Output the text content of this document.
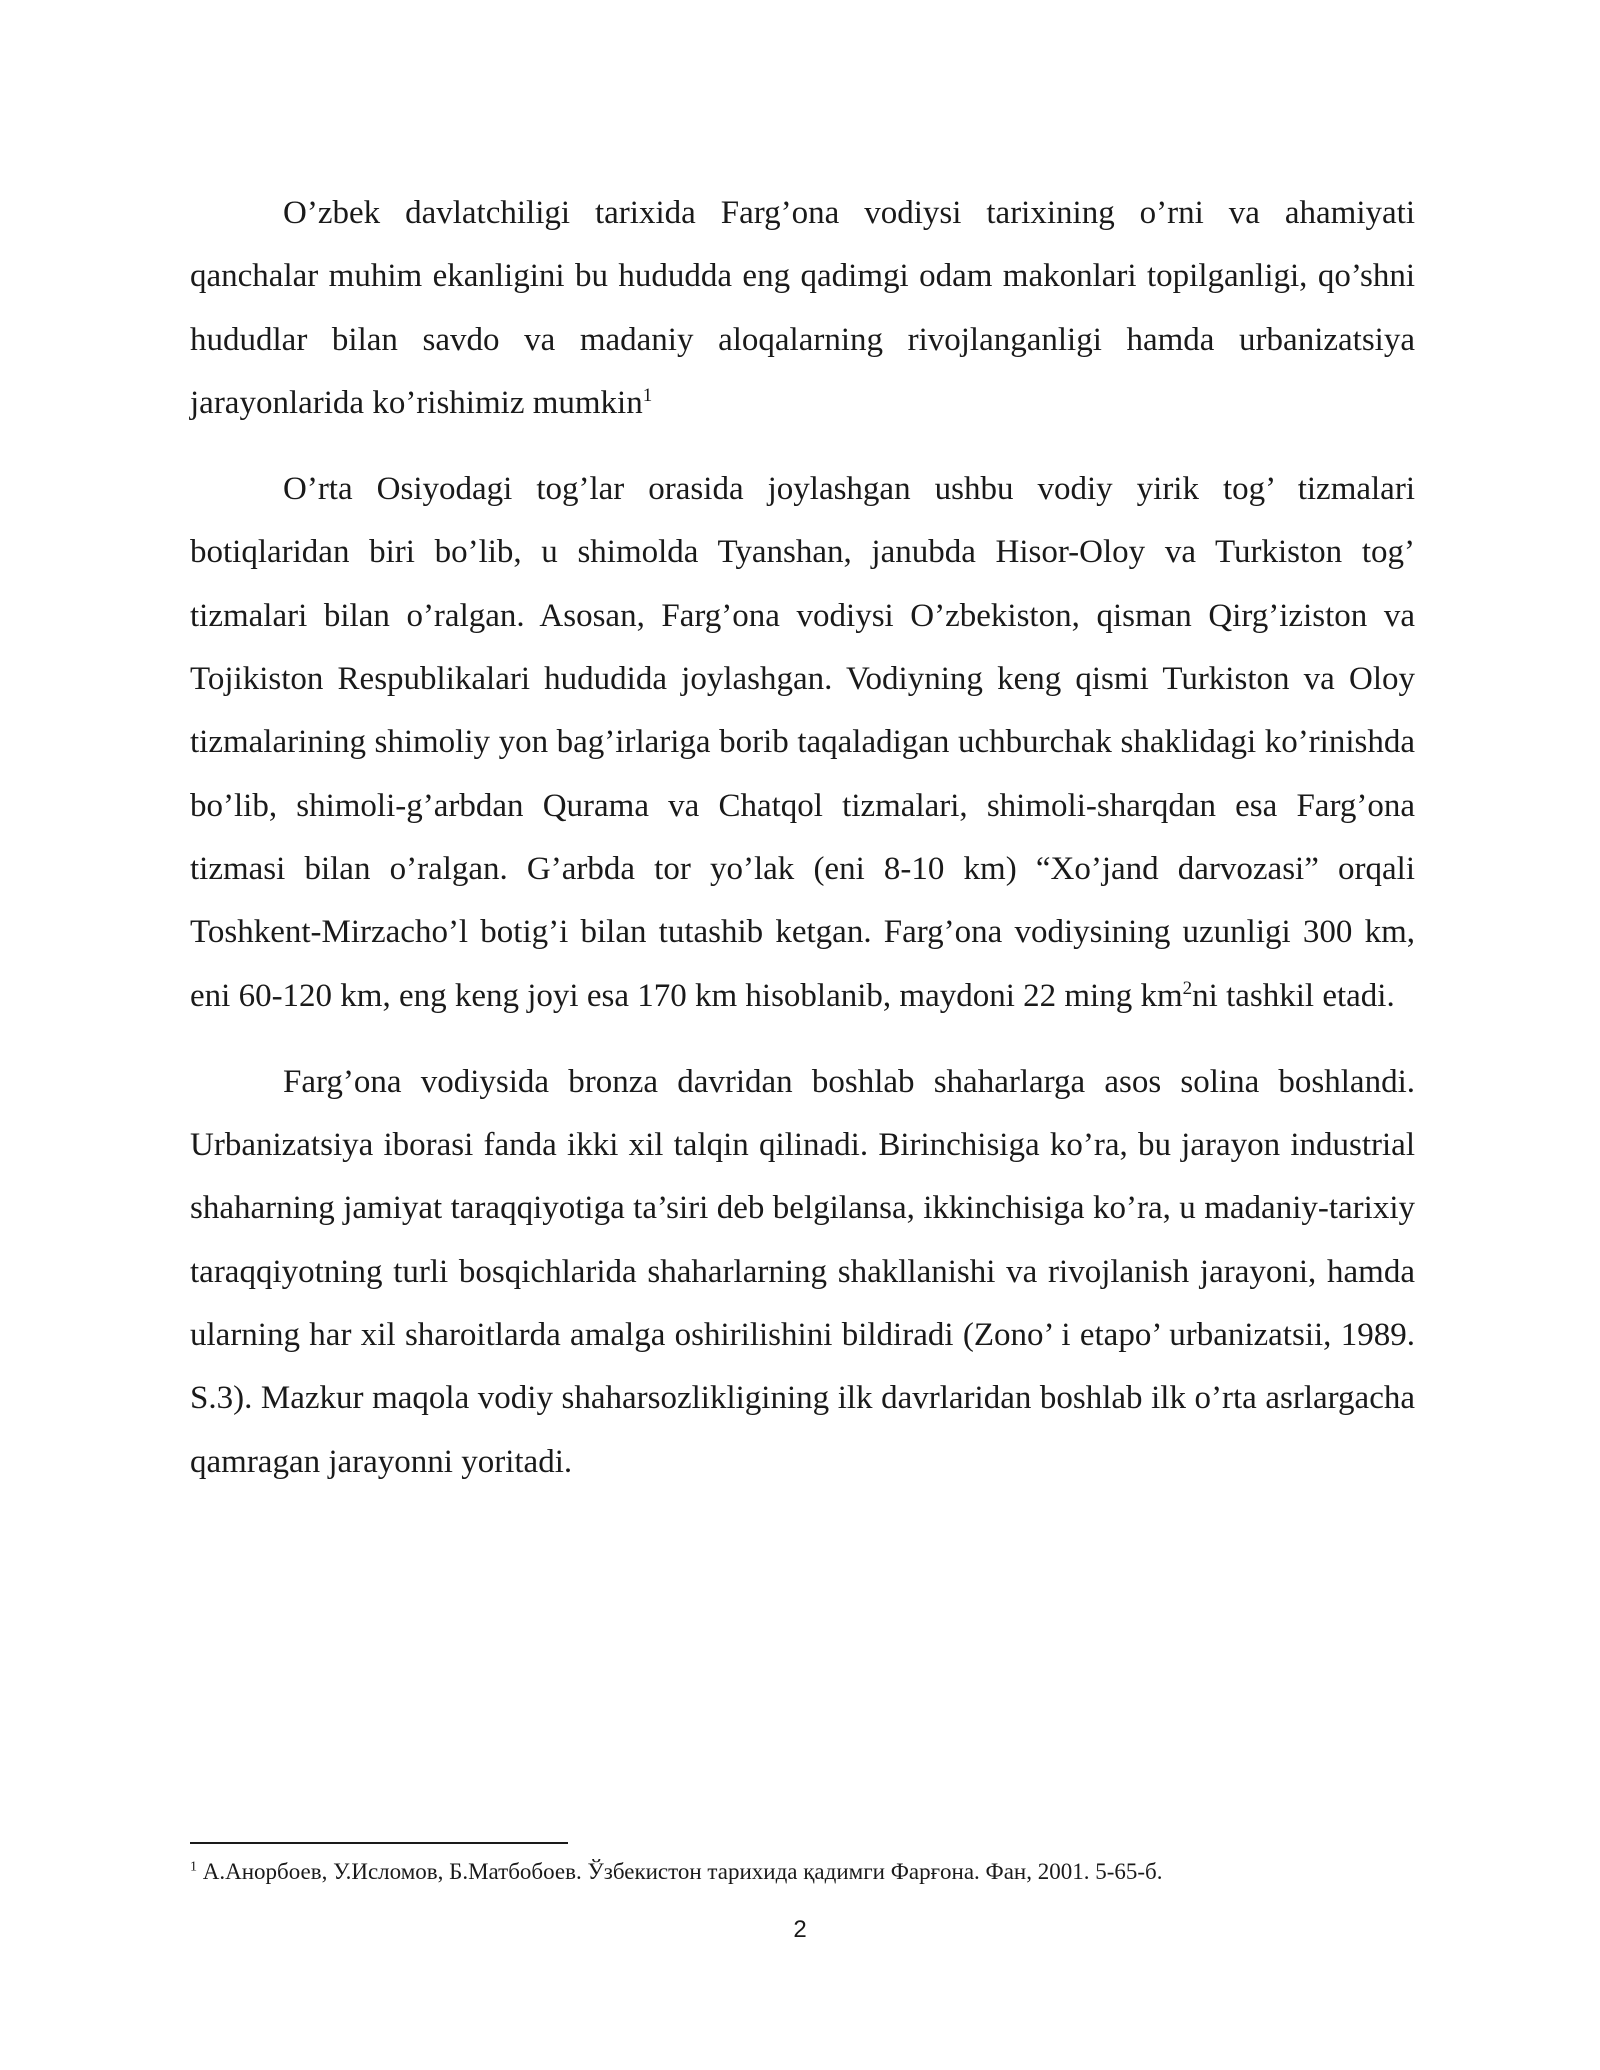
O’zbek davlatchiligi tarixida Farg’ona vodiysi tarixining o’rni va ahamiyati qanchalar muhim ekanligini bu hududda eng qadimgi odam makonlari topilganligi, qo’shni hududlar bilan savdo va madaniy aloqalarning rivojlanganligi hamda urbanizatsiya jarayonlarida ko’rishimiz mumkin$^1$

O’rta Osiyodagi tog’lar orasida joylashgan ushbu vodiy yirik tog’ tizmalari botiqlaridan biri bo’lib, u shimolda Tyanshan, janubda Hisor-Oloy va Turkiston tog’ tizmalari bilan o’ralgan. Asosan, Farg’ona vodiysi O’zbekiston, qisman Qirg’iziston va Tojikiston Respublikalari hududida joylashgan. Vodiyning keng qismi Turkiston va Oloy tizmalarining shimoliy yon bag’irlariga borib taqaladigan uchburchak shaklidagi ko’rinishda bo’lib, shimoli-g’arbdan Qurama va Chatqol tizmalari, shimoli-sharqdan esa Farg’ona tizmasi bilan o’ralgan. G’arbda tor yo’lak (eni 8-10 km) “Xo’jand darvozasi” orqali Toshkent-Mirzacho’l botig’i bilan tutashib ketgan. Farg’ona vodiysining uzunligi 300 km, eni 60-120 km, eng keng joyi esa 170 km hisoblanib, maydoni 22 ming $km^2ni$ tashkil etadi.

Farg’ona vodiysida bronza davridan boshlab shaharlarga asos solina boshlandi. Urbanizatsiya iborasi fanda ikki xil talqin qilinadi. Birinchisiga ko’ra, bu jarayon industrial shaharning jamiyat taraqqiyotiga ta’siri deb belgilansa, ikkinchisiga ko’ra, u madaniy-tarixiy taraqqiyotning turli bosqichlarida shaharlarning shakllanishi va rivojlanish jarayoni, hamda ularning har xil sharoitlarda amalga oshirilishini bildiradi (Zono’ i etapo’ urbanizatsii, 1989. S.3). Mazkur maqola vodiy shaharsozlikligining ilk davrlaridan boshlab ilk o’rta asrlargacha qamragan jarayonni yoritadi.

$^1$ А.Анорбоев, У.Исломов, Б.Матбобоев. Ўзбекистон тарихида қадимги Фарғона. Фан, 2001. 5-65-б.
2
